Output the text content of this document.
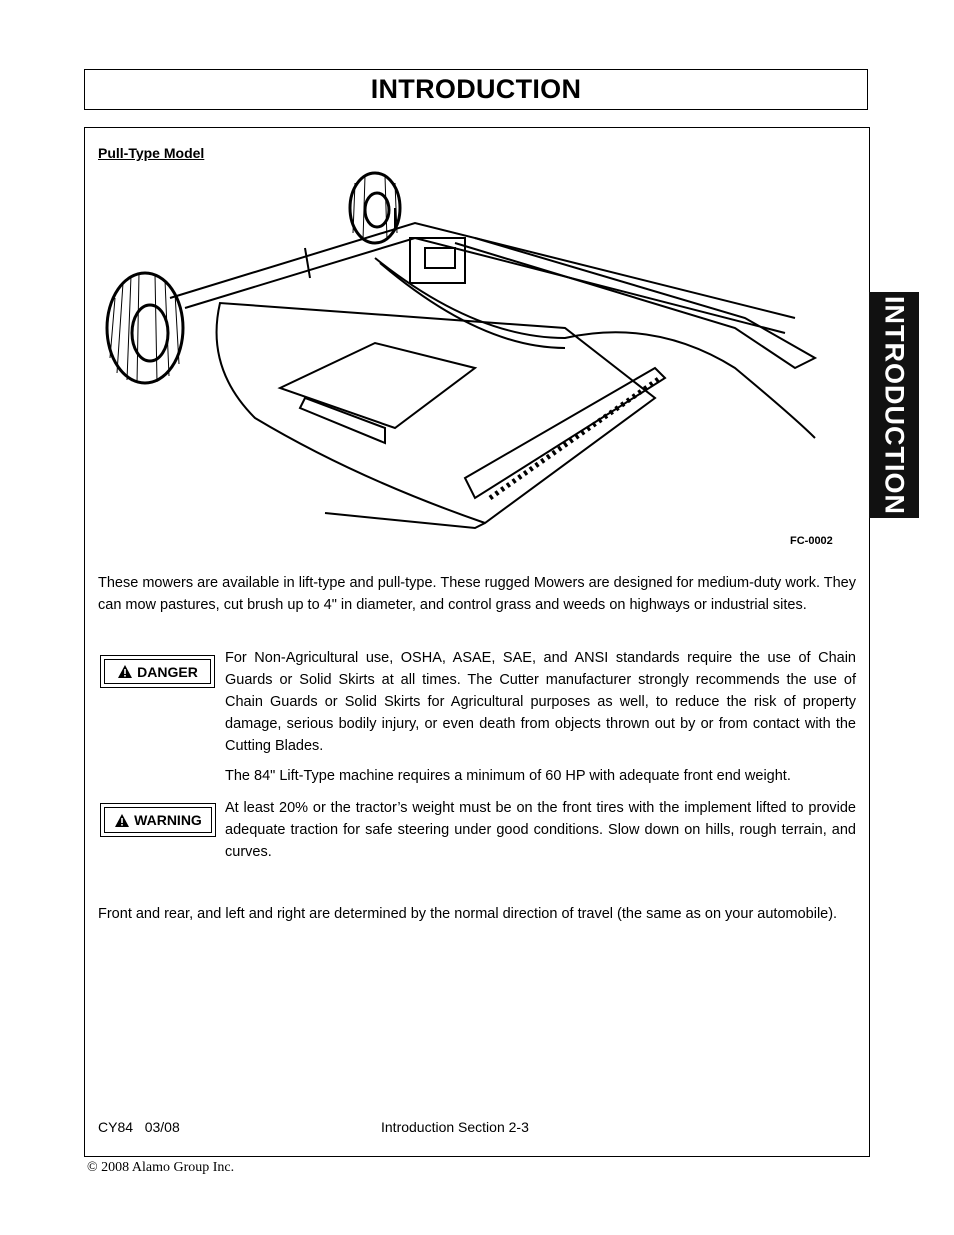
INTRODUCTION
INTRODUCTION
Pull-Type Model
FC-0002
These mowers are available in lift-type and pull-type. These rugged Mowers are designed for medium-duty work. They can mow pastures, cut brush up to 4" in diameter, and control grass and weeds on highways or industrial sites.
DANGER
For Non-Agricultural use, OSHA, ASAE, SAE, and ANSI standards require the use of Chain Guards or Solid Skirts at all times. The Cutter manufacturer strongly recommends the use of Chain Guards or Solid Skirts for Agricultural purposes as well, to reduce the risk of property damage, serious bodily injury, or even death from objects thrown out by or from contact with the Cutting Blades.
The 84" Lift-Type machine requires a minimum of 60 HP with adequate front end weight.
WARNING
At least 20% or the tractor’s weight must be on the front tires with the implement lifted to provide adequate traction for safe steering under good conditions. Slow down on hills, rough terrain, and curves.
Front and rear, and left and right are determined by the normal direction of travel (the same as on your automobile).
CY84   03/08	Introduction Section 2-3
© 2008 Alamo Group Inc.
